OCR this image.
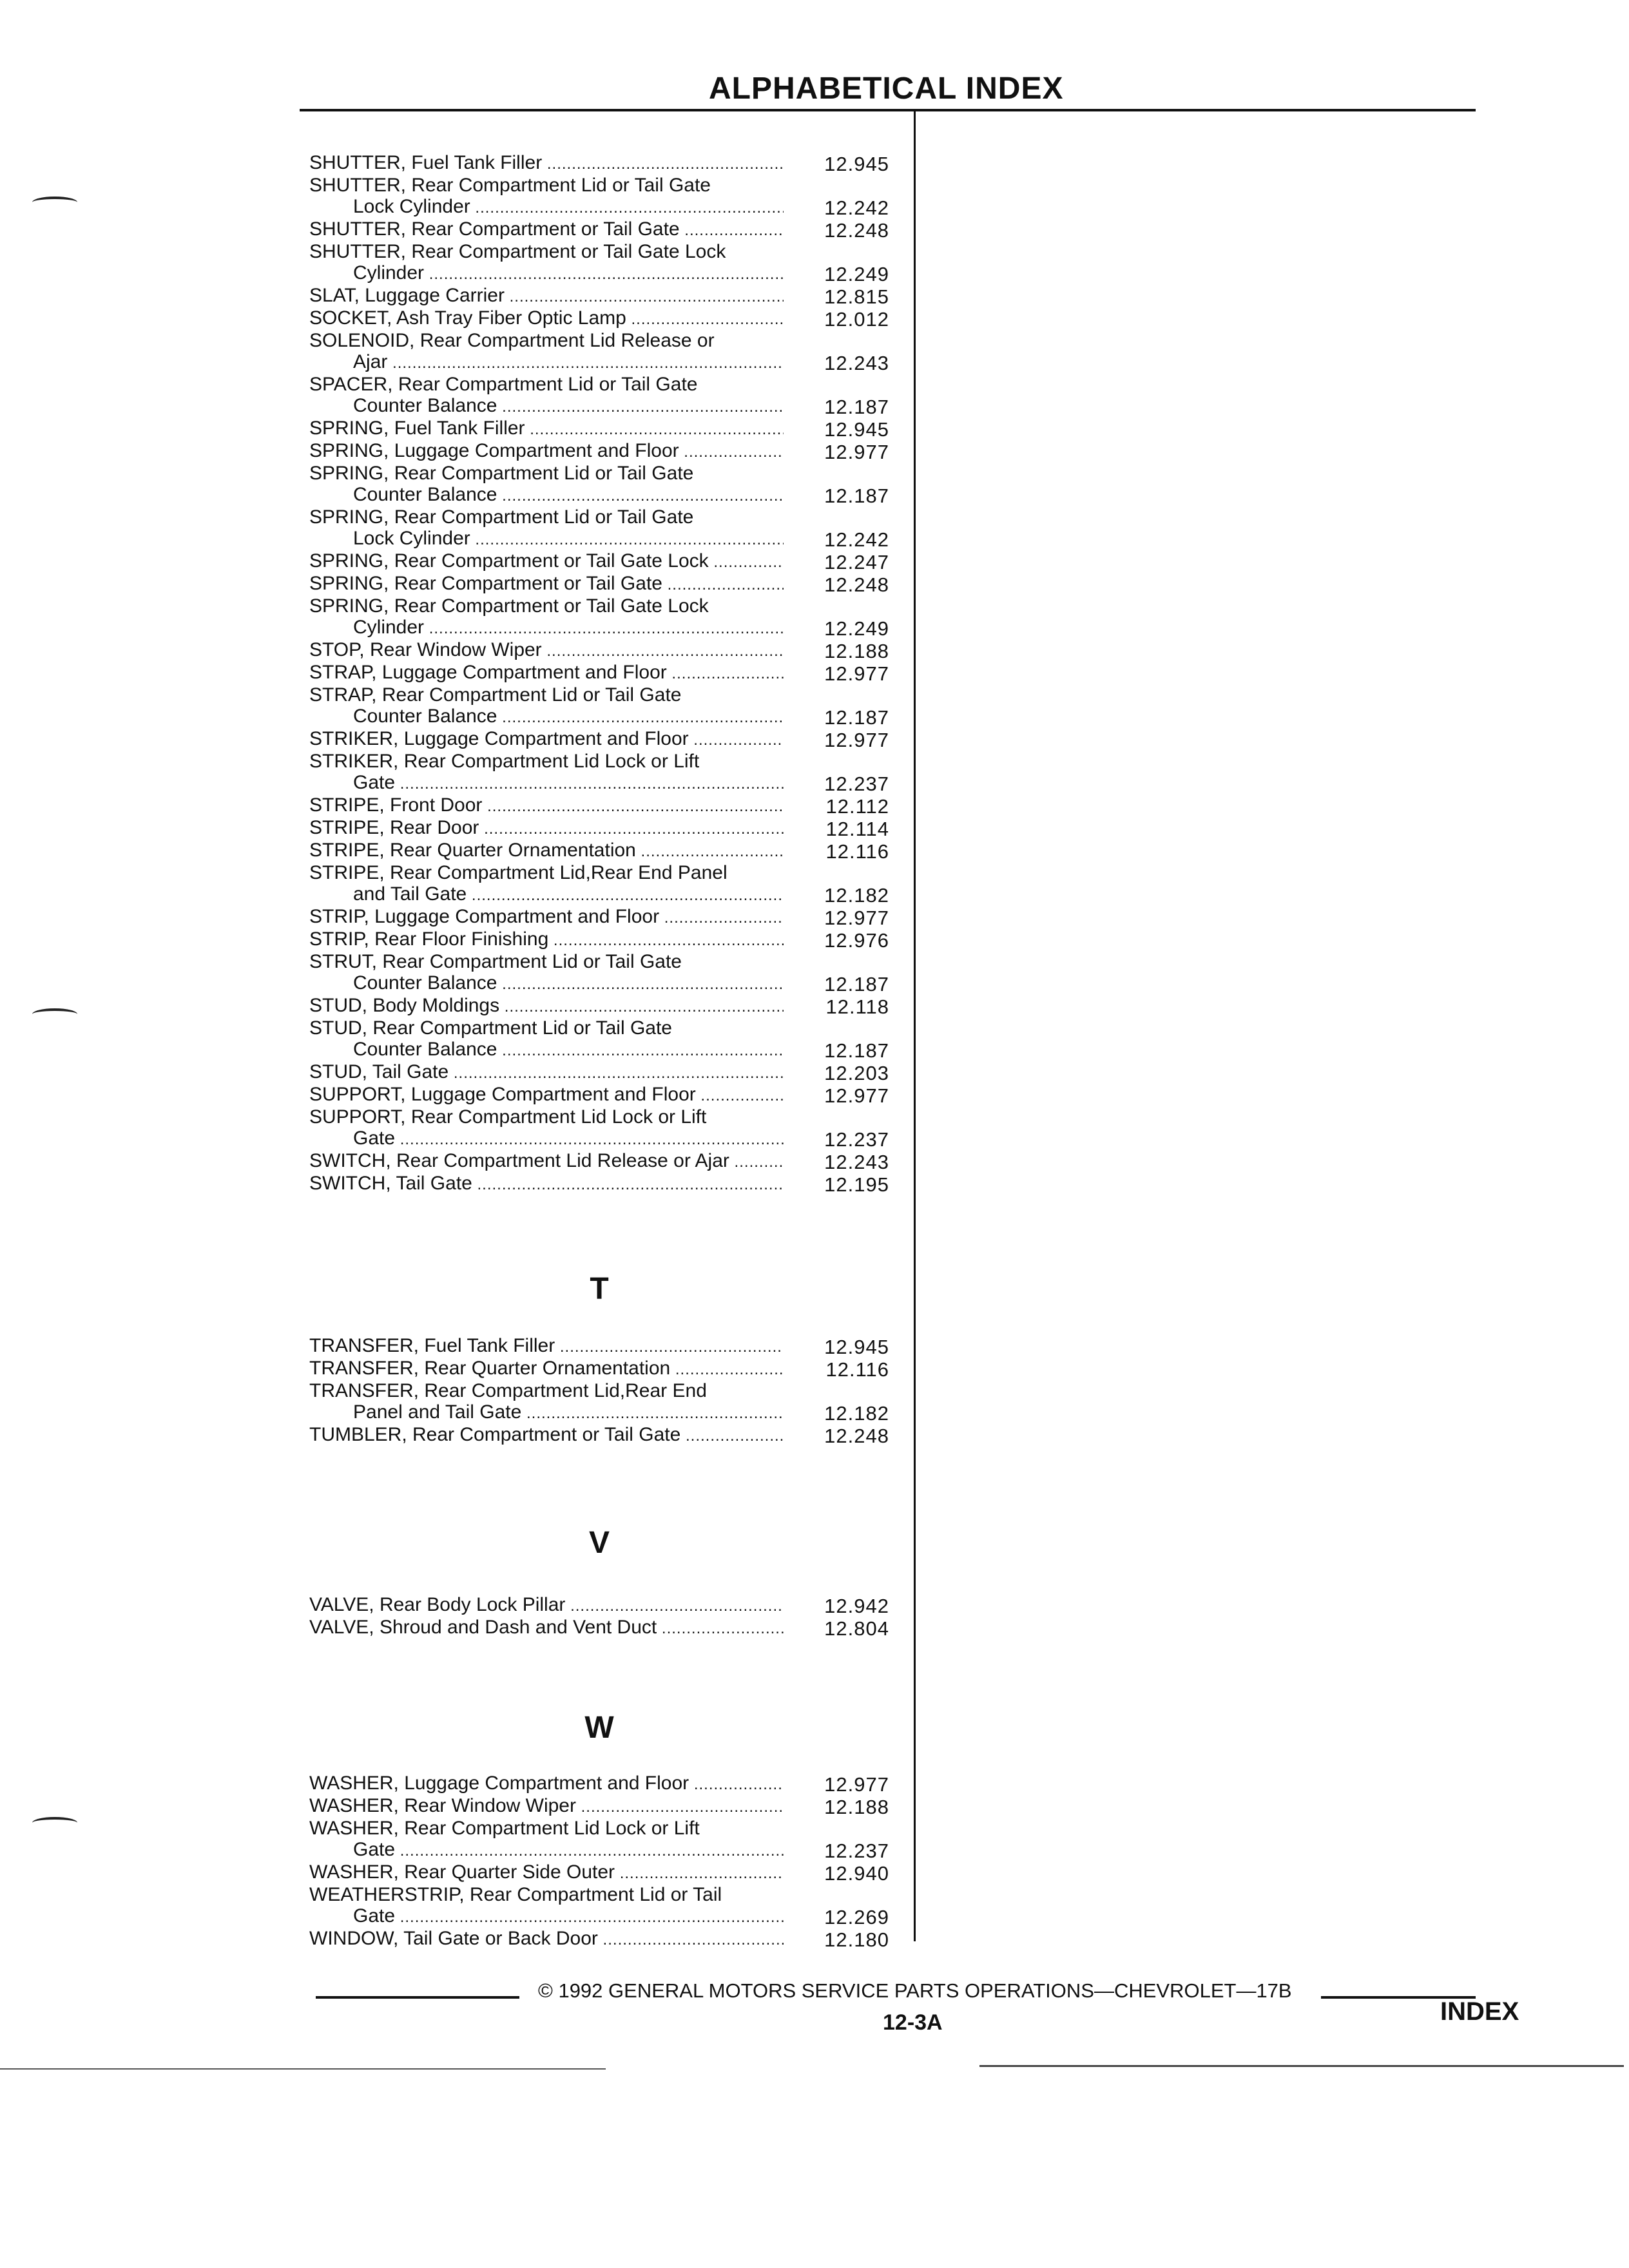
ALPHABETICAL INDEX
SHUTTER, Fuel Tank Filler .....	12.945
SHUTTER, Rear Compartment Lid or Tail Gate
Lock Cylinder .....	12.242
SHUTTER, Rear Compartment or Tail Gate .....	12.248
SHUTTER, Rear Compartment or Tail Gate Lock
Cylinder .....	12.249
SLAT, Luggage Carrier .....	12.815
SOCKET, Ash Tray Fiber Optic Lamp .....	12.012
SOLENOID, Rear Compartment Lid Release or
Ajar .....	12.243
SPACER, Rear Compartment Lid or Tail Gate
Counter Balance .....	12.187
SPRING, Fuel Tank Filler .....	12.945
SPRING, Luggage Compartment and Floor .....	12.977
SPRING, Rear Compartment Lid or Tail Gate
Counter Balance .....	12.187
SPRING, Rear Compartment Lid or Tail Gate
Lock Cylinder .....	12.242
SPRING, Rear Compartment or Tail Gate Lock .....	12.247
SPRING, Rear Compartment or Tail Gate .....	12.248
SPRING, Rear Compartment or Tail Gate Lock
Cylinder .....	12.249
STOP, Rear Window Wiper .....	12.188
STRAP, Luggage Compartment and Floor .....	12.977
STRAP, Rear Compartment Lid or Tail Gate
Counter Balance .....	12.187
STRIKER, Luggage Compartment and Floor .....	12.977
STRIKER, Rear Compartment Lid Lock or Lift
Gate .....	12.237
STRIPE, Front Door .....	12.112
STRIPE, Rear Door .....	12.114
STRIPE, Rear Quarter Ornamentation .....	12.116
STRIPE, Rear Compartment Lid,Rear End Panel
and Tail Gate .....	12.182
STRIP, Luggage Compartment and Floor .....	12.977
STRIP, Rear Floor Finishing .....	12.976
STRUT, Rear Compartment Lid or Tail Gate
Counter Balance .....	12.187
STUD, Body Moldings .....	12.118
STUD, Rear Compartment Lid or Tail Gate
Counter Balance .....	12.187
STUD, Tail Gate .....	12.203
SUPPORT, Luggage Compartment and Floor .....	12.977
SUPPORT, Rear Compartment Lid Lock or Lift
Gate .....	12.237
SWITCH, Rear Compartment Lid Release or Ajar .....	12.243
SWITCH, Tail Gate .....	12.195
T
TRANSFER, Fuel Tank Filler .....	12.945
TRANSFER, Rear Quarter Ornamentation .....	12.116
TRANSFER, Rear Compartment Lid,Rear End
Panel and Tail Gate .....	12.182
TUMBLER, Rear Compartment or Tail Gate .....	12.248
V
VALVE, Rear Body Lock Pillar .....	12.942
VALVE, Shroud and Dash and Vent Duct .....	12.804
W
WASHER, Luggage Compartment and Floor .....	12.977
WASHER, Rear Window Wiper .....	12.188
WASHER, Rear Compartment Lid Lock or Lift
Gate .....	12.237
WASHER, Rear Quarter Side Outer .....	12.940
WEATHERSTRIP, Rear Compartment Lid or Tail
Gate .....	12.269
WINDOW, Tail Gate or Back Door .....	12.180
© 1992 GENERAL MOTORS SERVICE PARTS OPERATIONS—CHEVROLET—17B
12-3A	INDEX
